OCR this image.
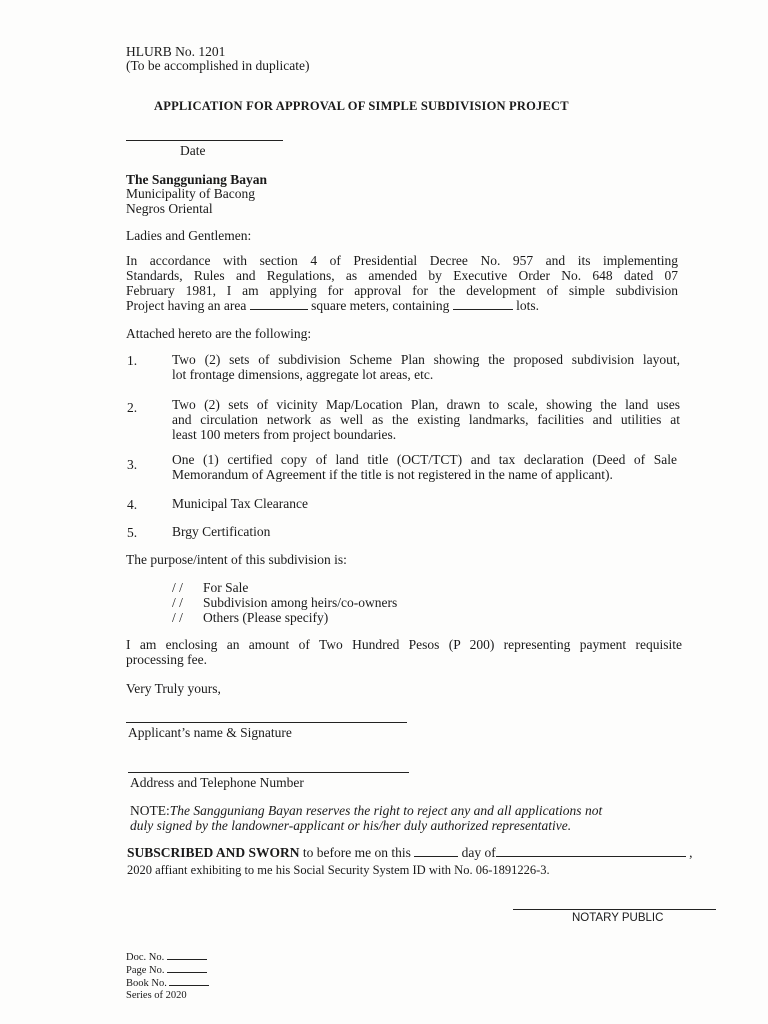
HLURB No. 1201
(To be accomplished in duplicate)
APPLICATION FOR APPROVAL OF SIMPLE SUBDIVISION PROJECT
Date
The Sangguniang Bayan
Municipality of Bacong
Negros Oriental
Ladies and Gentlemen:
In accordance with section 4 of Presidential Decree No. 957 and its implementing
Standards, Rules and Regulations, as amended by Executive Order No. 648 dated 07
February 1981, I am applying for approval for the development of simple subdivision
Project having an area	square meters, containing	lots.
Attached hereto are the following:
1.	Two (2) sets of subdivision Scheme Plan showing the proposed subdivision layout,
lot frontage dimensions, aggregate lot areas, etc.
2.	Two (2) sets of vicinity Map/Location Plan, drawn to scale, showing the land uses
and circulation network as well as the existing landmarks, facilities and utilities at
least 100 meters from project boundaries.
3.	One (1) certified copy of land title (OCT/TCT) and tax declaration (Deed of Sale
Memorandum of Agreement if the title is not registered in the name of applicant).
4.	Municipal Tax Clearance
5.	Brgy Certification
The purpose/intent of this subdivision is:
/ / For Sale
/ / Subdivision among heirs/co-owners
/ / Others (Please specify)
I am enclosing an amount of Two Hundred Pesos (P 200) representing payment requisite
processing fee.
Very Truly yours,
Applicant’s name & Signature
Address and Telephone Number
NOTE:The Sangguniang Bayan reserves the right to reject any and all applications not
duly signed by the landowner-applicant or his/her duly authorized representative.
SUBSCRIBED AND SWORN to before me on this	day of	,
2020 affiant exhibiting to me his Social Security System ID with No. 06-1891226-3.
NOTARY PUBLIC
Doc. No.
Page No.
Book No.
Series of 2020
